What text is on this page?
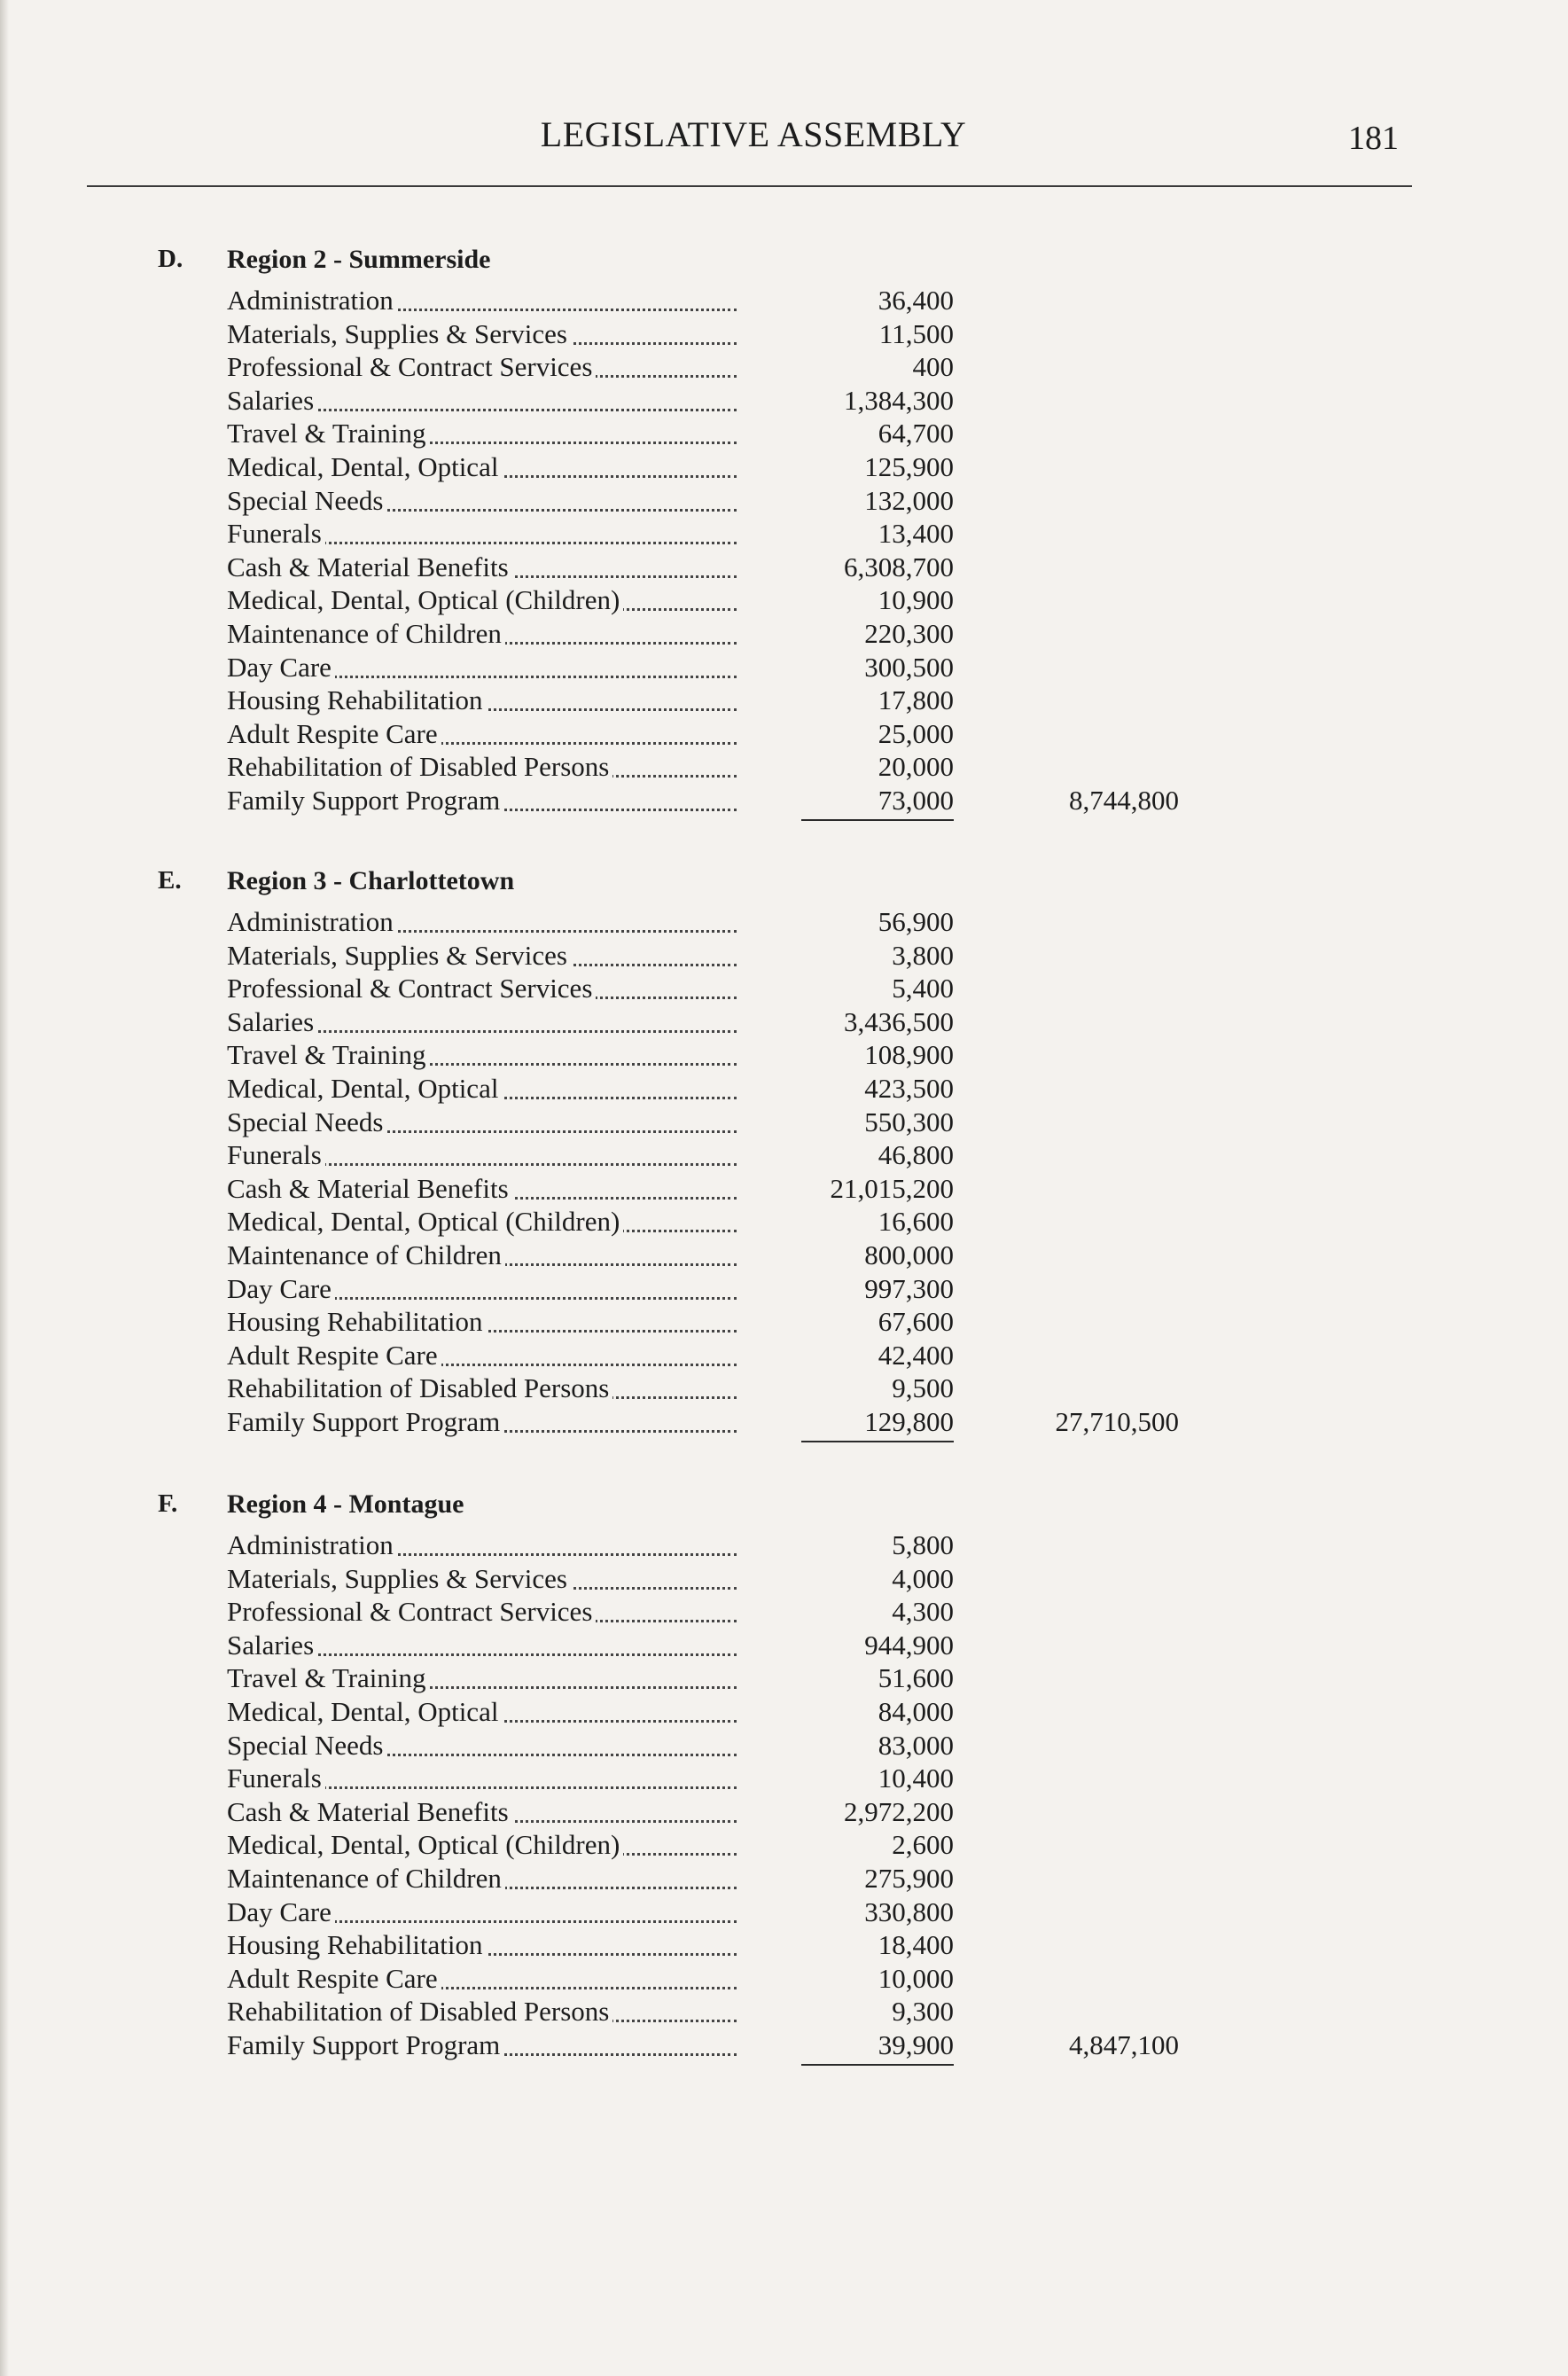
LEGISLATIVE ASSEMBLY	181
D. Region 2 - Summerside
Administration	36,400
Materials, Supplies & Services	11,500
Professional & Contract Services	400
Salaries	1,384,300
Travel & Training	64,700
Medical, Dental, Optical	125,900
Special Needs	132,000
Funerals	13,400
Cash & Material Benefits	6,308,700
Medical, Dental, Optical (Children)	10,900
Maintenance of Children	220,300
Day Care	300,500
Housing Rehabilitation	17,800
Adult Respite Care	25,000
Rehabilitation of Disabled Persons	20,000
Family Support Program	73,000	8,744,800
E. Region 3 - Charlottetown
Administration	56,900
Materials, Supplies & Services	3,800
Professional & Contract Services	5,400
Salaries	3,436,500
Travel & Training	108,900
Medical, Dental, Optical	423,500
Special Needs	550,300
Funerals	46,800
Cash & Material Benefits	21,015,200
Medical, Dental, Optical (Children)	16,600
Maintenance of Children	800,000
Day Care	997,300
Housing Rehabilitation	67,600
Adult Respite Care	42,400
Rehabilitation of Disabled Persons	9,500
Family Support Program	129,800	27,710,500
F. Region 4 - Montague
Administration	5,800
Materials, Supplies & Services	4,000
Professional & Contract Services	4,300
Salaries	944,900
Travel & Training	51,600
Medical, Dental, Optical	84,000
Special Needs	83,000
Funerals	10,400
Cash & Material Benefits	2,972,200
Medical, Dental, Optical (Children)	2,600
Maintenance of Children	275,900
Day Care	330,800
Housing Rehabilitation	18,400
Adult Respite Care	10,000
Rehabilitation of Disabled Persons	9,300
Family Support Program	39,900	4,847,100
